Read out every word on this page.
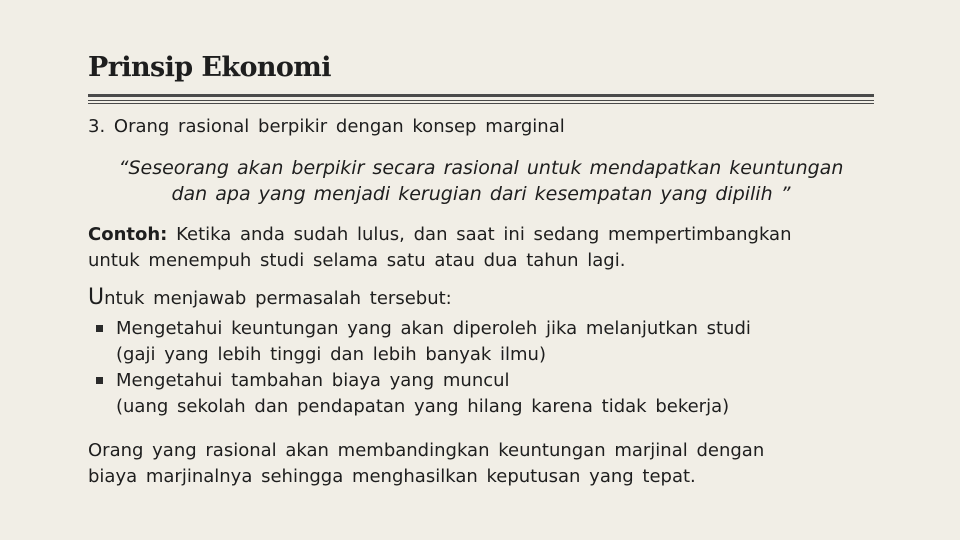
Prinsip Ekonomi
3. Orang rasional berpikir dengan konsep marginal
“Seseorang akan berpikir secara rasional untuk mendapatkan keuntungan
dan apa yang menjadi kerugian dari kesempatan yang dipilih ”
Contoh: Ketika anda sudah lulus, dan saat ini sedang mempertimbangkan
untuk menempuh studi selama satu atau dua tahun lagi.
Untuk menjawab permasalah tersebut:
Mengetahui keuntungan yang akan diperoleh jika melanjutkan studi
(gaji yang lebih tinggi dan lebih banyak ilmu)
Mengetahui tambahan biaya yang muncul
(uang sekolah dan pendapatan yang hilang karena tidak bekerja)
Orang yang rasional akan membandingkan keuntungan marjinal dengan
biaya marjinalnya sehingga menghasilkan keputusan yang tepat.
